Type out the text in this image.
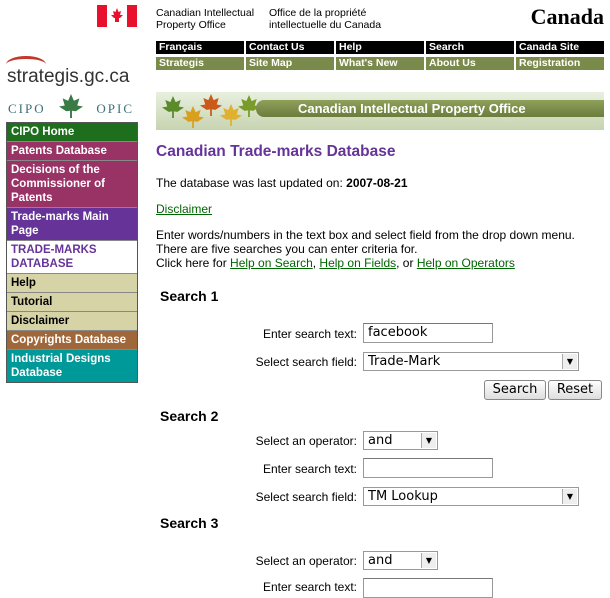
Canadian Intellectual
Property Office
Office de la propriété
intellectuelle du Canada	Canada
Français	Contact Us	Help	Search	Canada Site
Strategis	Site Map	What's New	About Us	Registration
strategis.gc.ca
CIPO	OPIC
CIPO Home
Patents Database
Decisions of the Commissioner of Patents
Trade-marks Main Page
TRADE-MARKS DATABASE
Help
Tutorial
Disclaimer
Copyrights Database
Industrial Designs Database
Canadian Intellectual Property Office
Canadian Trade-marks Database
The database was last updated on: 2007-08-21
Disclaimer
Enter words/numbers in the text box and select field from the drop down menu.
There are five searches you can enter criteria for.
Click here for Help on Search, Help on Fields, or Help on Operators
Search 1
Enter search text: facebook
Select search field: Trade-Mark	▼
Search	Reset
Search 2
Select an operator: and	▼
Enter search text:
Select search field: TM Lookup	▼
Search 3
Select an operator: and	▼
Enter search text:
